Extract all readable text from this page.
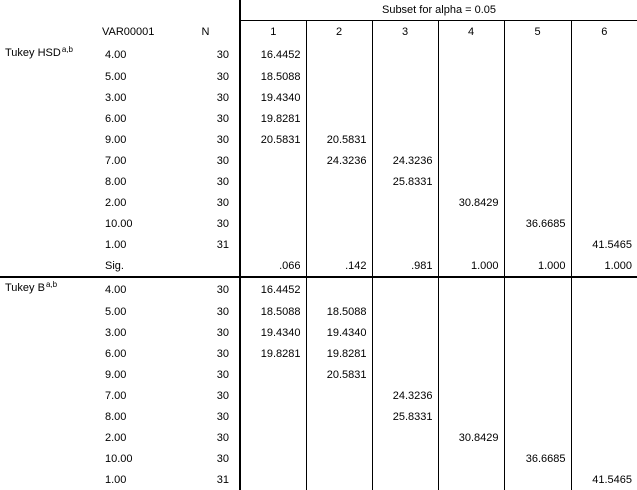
			Subset for alpha = 0.05					
	VAR00001	N	1	2	3	4	5	6
Tukey HSD$^{a,b}$	4.00	30	16.4452					
	5.00	30	18.5088					
	3.00	30	19.4340					
	6.00	30	19.8281					
	9.00	30	20.5831	20.5831				
	7.00	30		24.3236	24.3236			
	8.00	30			25.8331			
	2.00	30				30.8429		
	10.00	30					36.6685	
	1.00	31						41.5465
	Sig.		.066	.142	.981	1.000	1.000	1.000
Tukey B$^{a,b}$	4.00	30	16.4452					
	5.00	30	18.5088	18.5088				
	3.00	30	19.4340	19.4340				
	6.00	30	19.8281	19.8281				
	9.00	30		20.5831				
	7.00	30			24.3236			
	8.00	30			25.8331			
	2.00	30				30.8429		
	10.00	30					36.6685	
	1.00	31						41.5465
